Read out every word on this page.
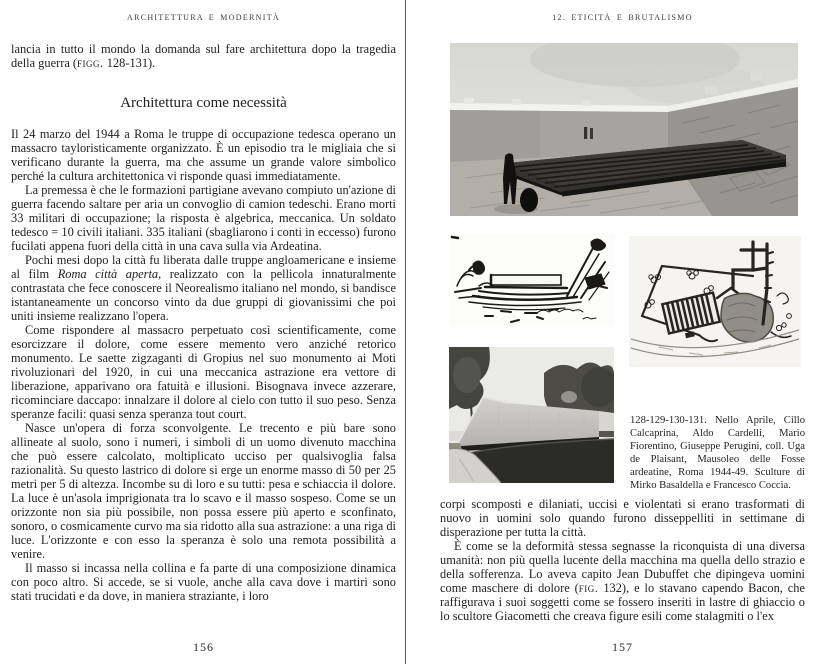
ARCHITETTURA E MODERNITÀ

lancia in tutto il mondo la domanda sul fare architettura dopo la tragedia della guerra (figg. 128-131).

Architettura come necessità

Il 24 marzo del 1944 a Roma le truppe di occupazione tedesca operano un massacro tayloristicamente organizzato. È un episodio tra le migliaia che si verificano durante la guerra, ma che assume un grande valore simbolico perché la cultura architettonica vi risponde quasi immediatamente.

La premessa è che le formazioni partigiane avevano compiuto un'azione di guerra facendo saltare per aria un convoglio di camion tedeschi. Erano morti 33 militari di occupazione; la risposta è algebrica, meccanica. Un soldato tedesco = 10 civili italiani. 335 italiani (sbagliarono i conti in eccesso) furono fucilati appena fuori della città in una cava sulla via Ardeatina.

Pochi mesi dopo la città fu liberata dalle truppe angloamericane e insieme al film Roma città aperta, realizzato con la pellicola innaturalmente contrastata che fece conoscere il Neorealismo italiano nel mondo, si bandisce istantaneamente un concorso vinto da due gruppi di giovanissimi che poi uniti insieme realizzano l'opera.

Come rispondere al massacro perpetuato così scientificamente, come esorcizzare il dolore, come essere memento vero anziché retorico monumento. Le saette zigzaganti di Gropius nel suo monumento ai Moti rivoluzionari del 1920, in cui una meccanica astrazione era vettore di liberazione, apparivano ora fatuità e illusioni. Bisognava invece azzerare, ricominciare daccapo: innalzare il dolore al cielo con tutto il suo peso. Senza speranze facili: quasi senza speranza tout court.

Nasce un'opera di forza sconvolgente. Le trecento e più bare sono allineate al suolo, sono i numeri, i simboli di un uomo divenuto macchina che può essere calcolato, moltiplicato ucciso per qualsivoglia falsa razionalità. Su questo lastrico di dolore si erge un enorme masso di 50 per 25 metri per 5 di altezza. Incombe su di loro e su tutti: pesa e schiaccia il dolore. La luce è un'asola imprigionata tra lo scavo e il masso sospeso. Come se un orizzonte non sia più possibile, non possa essere più aperto e sconfinato, sonoro, o cosmicamente curvo ma sia ridotto alla sua astrazione: a una riga di luce. L'orizzonte e con esso la speranza è solo una remota possibilità a venire.

Il masso si incassa nella collina e fa parte di una composizione dinamica con poco altro. Si accede, se si vuole, anche alla cava dove i martiri sono stati trucidati e da dove, in maniera straziante, i loro

156
12. ETICITÀ E BRUTALISMO
128-129-130-131. Nello Aprile, Cillo Calcaprina, Aldo Cardelli, Mario Fiorentino, Giuseppe Perugini, coll. Uga de Plaisant, Mausoleo delle Fosse ardeatine, Roma 1944-49. Sculture di Mirko Basaldella e Francesco Coccia.

corpi scomposti e dilaniati, uccisi e violentati si erano trasformati di nuovo in uomini solo quando furono disseppelliti in settimane di disperazione per tutta la città.

È come se la deformità stessa segnasse la riconquista di una diversa umanità: non più quella lucente della macchina ma quella dello strazio e della sofferenza. Lo aveva capito Jean Dubuffet che dipingeva uomini come maschere di dolore (fig. 132), e lo stavano capendo Bacon, che raffigurava i suoi soggetti come se fossero inseriti in lastre di ghiaccio o lo scultore Giacometti che creava figure esili come stalagmiti o l'ex

157
